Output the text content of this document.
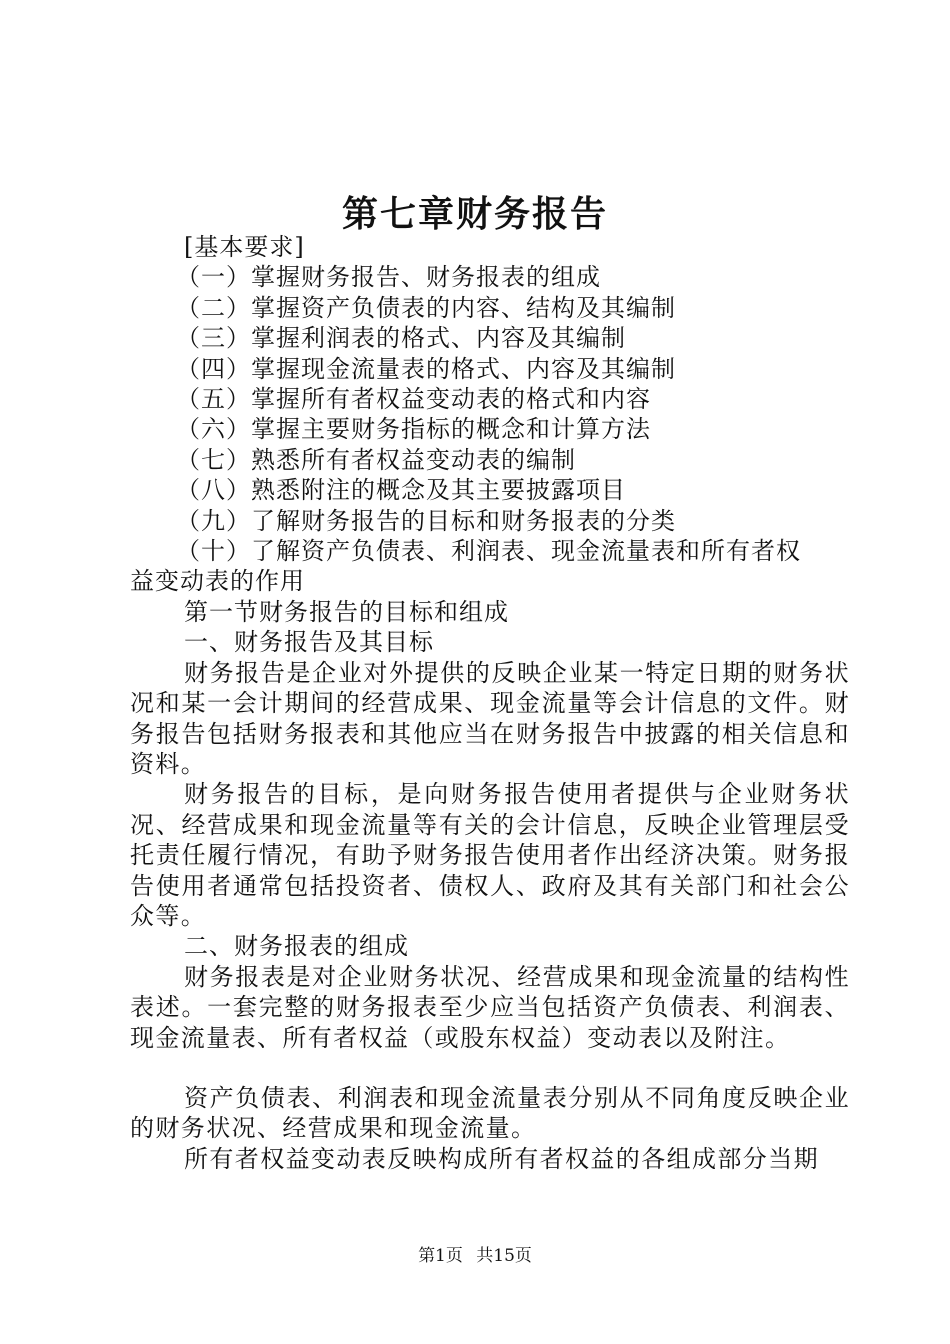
第七章财务报告
[基本要求]
（一）掌握财务报告、财务报表的组成
（二）掌握资产负债表的内容、结构及其编制
（三）掌握利润表的格式、内容及其编制
（四）掌握现金流量表的格式、内容及其编制
（五）掌握所有者权益变动表的格式和内容
（六）掌握主要财务指标的概念和计算方法
（七）熟悉所有者权益变动表的编制
（八）熟悉附注的概念及其主要披露项目
（九）了解财务报告的目标和财务报表的分类
（十）了解资产负债表、利润表、现金流量表和所有者权
益变动表的作用
第一节财务报告的目标和组成
一、财务报告及其目标
财务报告是企业对外提供的反映企业某一特定日期的财务状况和某一会计期间的经营成果、现金流量等会计信息的文件。财务报告包括财务报表和其他应当在财务报告中披露的相关信息和资料。
财务报告的目标，是向财务报告使用者提供与企业财务状况、经营成果和现金流量等有关的会计信息，反映企业管理层受托责任履行情况，有助予财务报告使用者作出经济决策。财务报告使用者通常包括投资者、债权人、政府及其有关部门和社会公众等。
二、财务报表的组成
财务报表是对企业财务状况、经营成果和现金流量的结构性表述。一套完整的财务报表至少应当包括资产负债表、利润表、现金流量表、所有者权益（或股东权益）变动表以及附注。
资产负债表、利润表和现金流量表分别从不同角度反映企业的财务状况、经营成果和现金流量。
所有者权益变动表反映构成所有者权益的各组成部分当期
第1页 共15页
